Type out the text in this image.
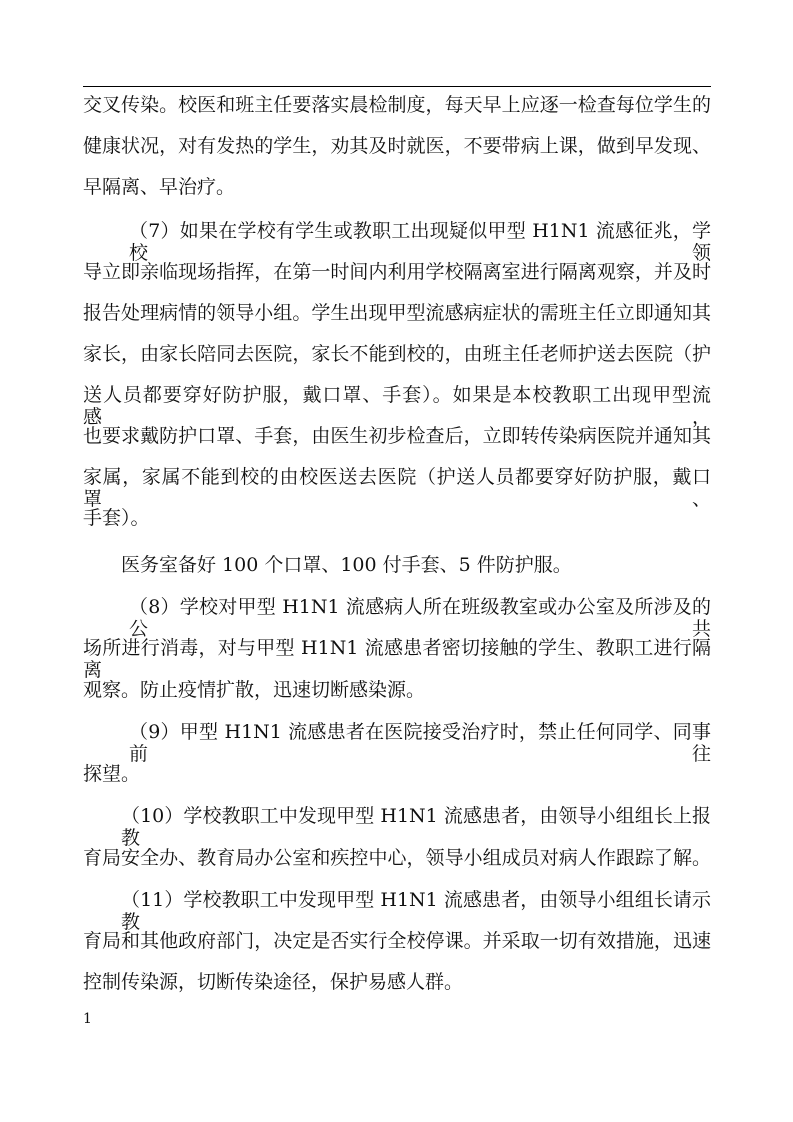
交叉传染。校医和班主任要落实晨检制度，每天早上应逐一检查每位学生的
健康状况，对有发热的学生，劝其及时就医，不要带病上课，做到早发现、
早隔离、早治疗。
（7）如果在学校有学生或教职工出现疑似甲型 H1N1 流感征兆，学校领
导立即亲临现场指挥，在第一时间内利用学校隔离室进行隔离观察，并及时
报告处理病情的领导小组。学生出现甲型流感病症状的需班主任立即通知其
家长，由家长陪同去医院，家长不能到校的，由班主任老师护送去医院（护
送人员都要穿好防护服，戴口罩、手套）。如果是本校教职工出现甲型流感，
也要求戴防护口罩、手套，由医生初步检查后，立即转传染病医院并通知其
家属，家属不能到校的由校医送去医院（护送人员都要穿好防护服，戴口罩、
手套）。
医务室备好 100 个口罩、100 付手套、5 件防护服。
（8）学校对甲型 H1N1 流感病人所在班级教室或办公室及所涉及的公共
场所进行消毒，对与甲型 H1N1 流感患者密切接触的学生、教职工进行隔离
观察。防止疫情扩散，迅速切断感染源。
（9）甲型 H1N1 流感患者在医院接受治疗时，禁止任何同学、同事前往
探望。
（10）学校教职工中发现甲型 H1N1 流感患者，由领导小组组长上报教
育局安全办、教育局办公室和疾控中心，领导小组成员对病人作跟踪了解。
（11）学校教职工中发现甲型 H1N1 流感患者，由领导小组组长请示教
育局和其他政府部门，决定是否实行全校停课。并采取一切有效措施，迅速
控制传染源，切断传染途径，保护易感人群。
1
